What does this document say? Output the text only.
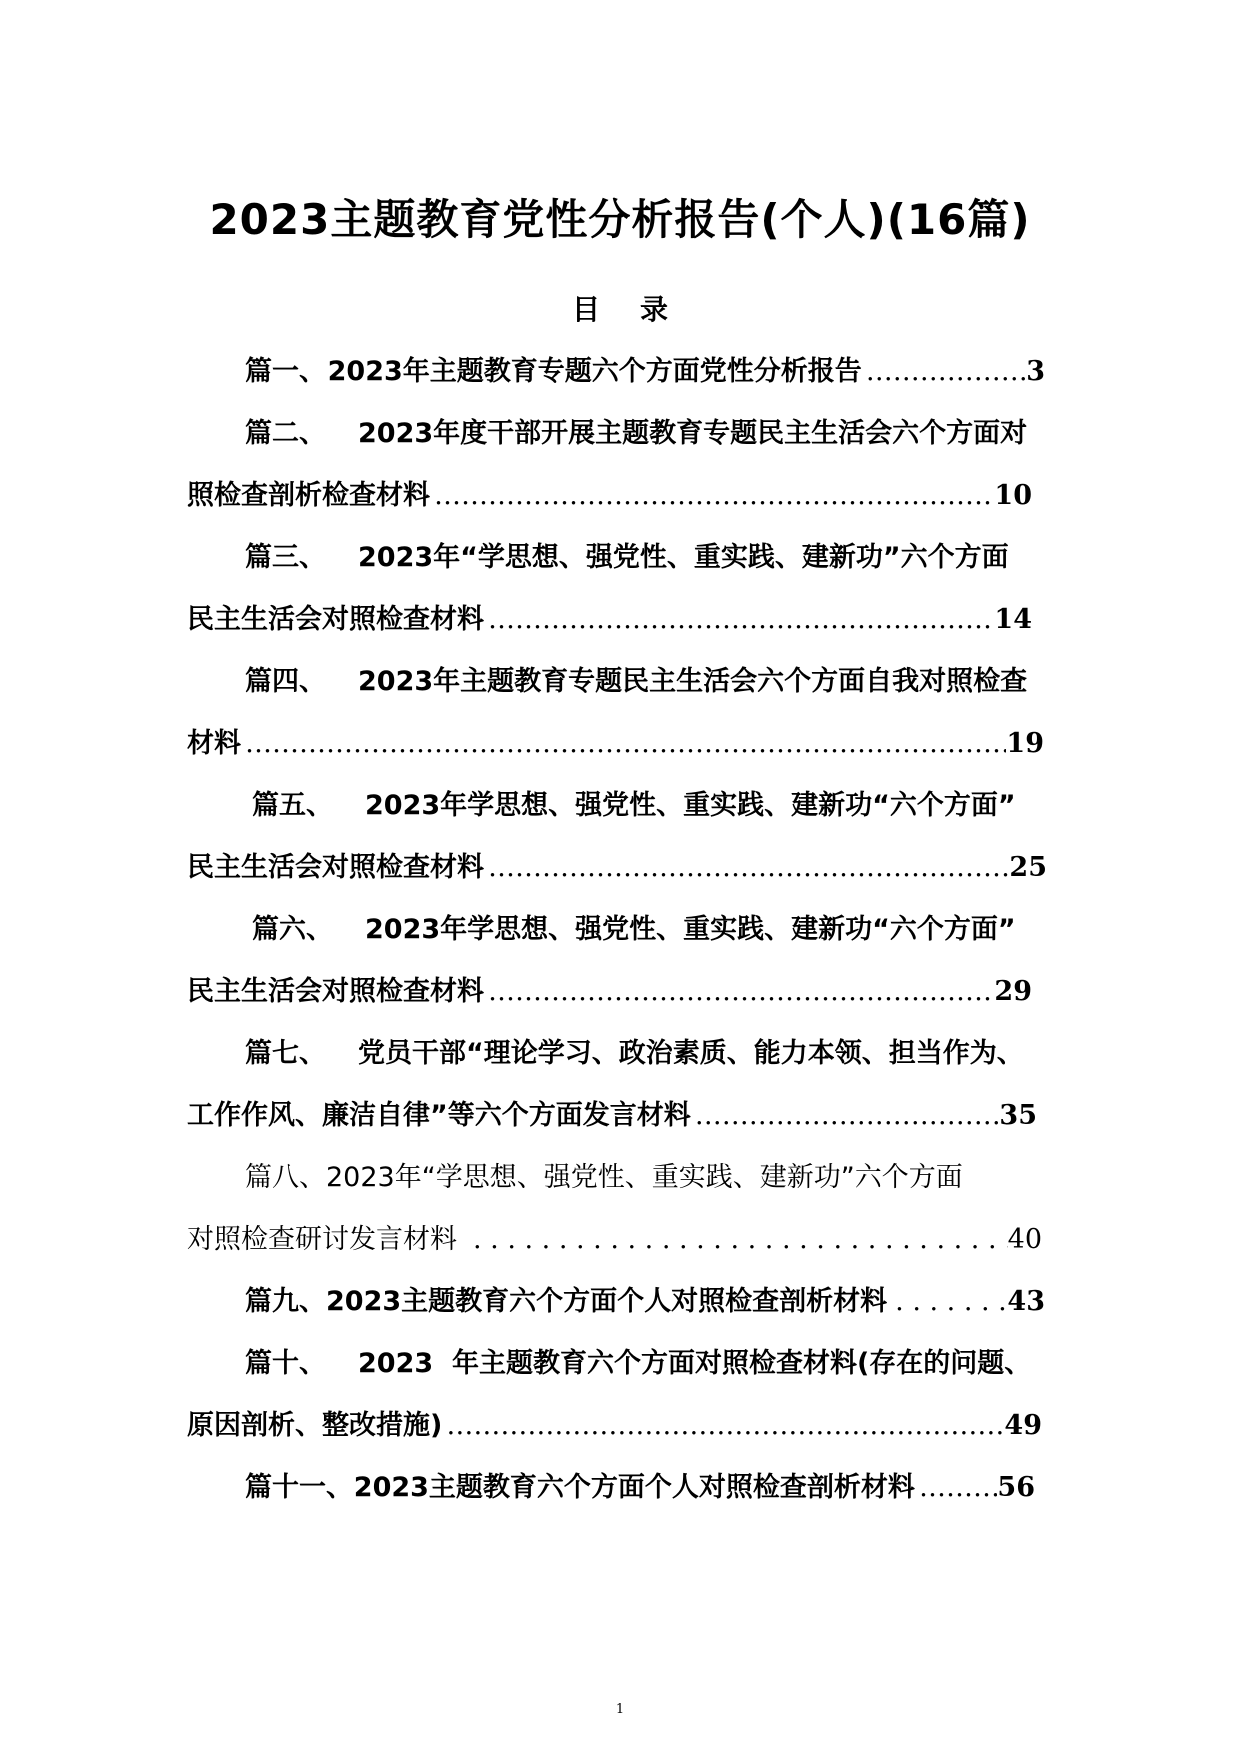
2023主题教育党性分析报告(个人)(16篇)
目录
篇一、 2023年主题教育专题六个方面党性分析报告 …………………………………………………………………………………………………………………………………………………………………………	3
篇二、 2023年度干部开展主题教育专题民主生活会六个方面对
照检查剖析检查材料 …………………………………………………………………………………………………………………………………………………………………………	10
篇三、 2023年“学思想、强党性、重实践、建新功”六个方面
民主生活会对照检查材料 …………………………………………………………………………………………………………………………………………………………………………	14
篇四、 2023年主题教育专题民主生活会六个方面自我对照检查
材料 …………………………………………………………………………………………………………………………………………………………………………	19
篇五、 2023年学思想、强党性、重实践、建新功“六个方面”
民主生活会对照检查材料 …………………………………………………………………………………………………………………………………………………………………………	25
篇六、 2023年学思想、强党性、重实践、建新功“六个方面”
民主生活会对照检查材料 …………………………………………………………………………………………………………………………………………………………………………	29
篇七、 党员干部“理论学习、政治素质、能力本领、担当作为、
工作作风、廉洁自律”等六个方面发言材料 …………………………………………………………………………………………………………………………………………………………………………	35
篇八、 2023年“学思想、强党性、重实践、建新功”六个方面
对照检查研讨发言材料 . . .	40
篇九、 2023主题教育六个方面个人对照检查剖析材料 . . .	43
篇十、 2023  年主题教育六个方面对照检查材料(存在的问题、
原因剖析、整改措施) …………………………………………………………………………………………………………………………………………………………………………	49
篇十一、 2023主题教育六个方面个人对照检查剖析材料 …………………………………………………………………………………………………………………………………………………………………………	56
1
